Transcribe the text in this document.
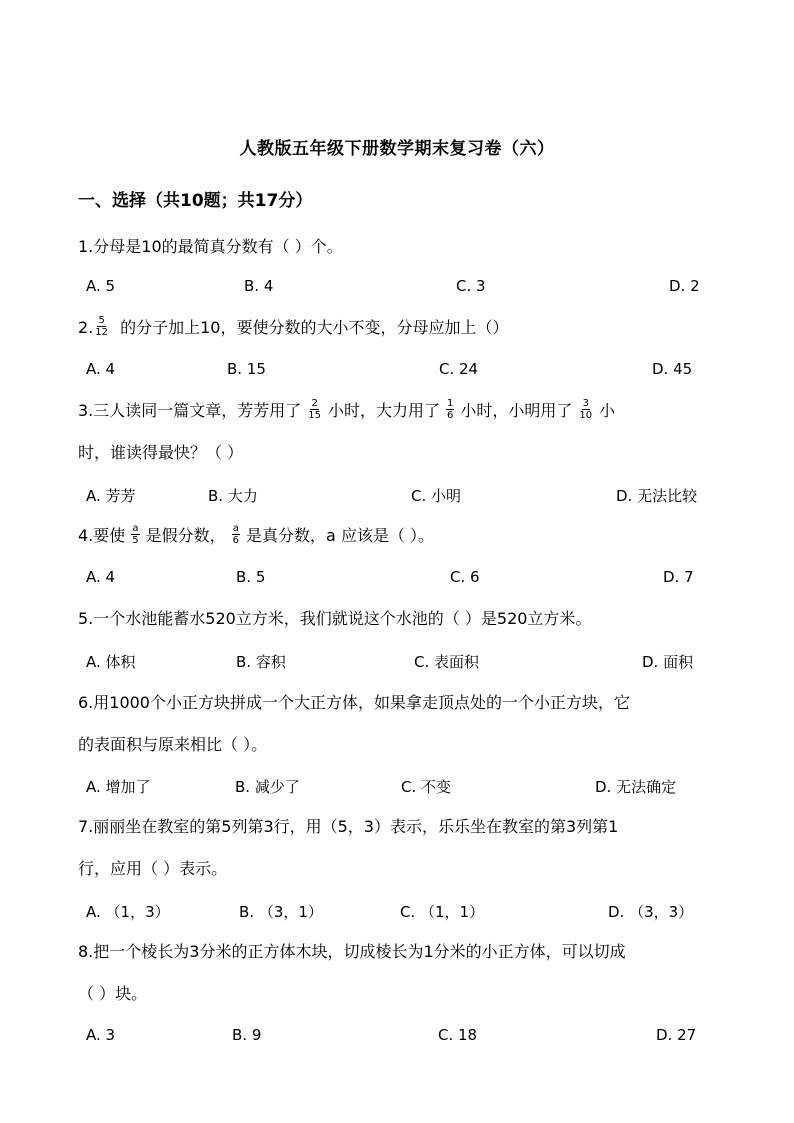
人教版五年级下册数学期末复习卷（六）
一、选择（共10题；共17分）
1.分母是10的最简真分数有（ ）个。
A. 5	B. 4	C. 3	D. 2
2. $\frac{5}{12}$ 的分子加上10，要使分数的大小不变，分母应加上（）
A. 4	B. 15	C. 24	D. 45
3.三人读同一篇文章，芳芳用了 $\frac{2}{15}$ 小时，大力用了 $\frac{1}{6}$ 小时，小明用了 $\frac{3}{10}$ 小
时，谁读得最快？（ ）
A. 芳芳	B. 大力	C. 小明	D. 无法比较
4.要使 $\frac{a}{5}$ 是假分数， $\frac{a}{6}$ 是真分数，a 应该是（ ）。
A. 4	B. 5	C. 6	D. 7
5.一个水池能蓄水520立方米，我们就说这个水池的（ ）是520立方米。
A. 体积	B. 容积	C. 表面积	D. 面积
6.用1000个小正方块拼成一个大正方体，如果拿走顶点处的一个小正方块，它
的表面积与原来相比（ ）。
A. 增加了	B. 减少了	C. 不变	D. 无法确定
7.丽丽坐在教室的第5列第3行，用（5，3）表示，乐乐坐在教室的第3列第1
行，应用（ ）表示。
A. （1，3）	B. （3，1）	C. （1，1）	D. （3，3）
8.把一个棱长为3分米的正方体木块，切成棱长为1分米的小正方体，可以切成
（ ）块。
A. 3	B. 9	C. 18	D. 27
